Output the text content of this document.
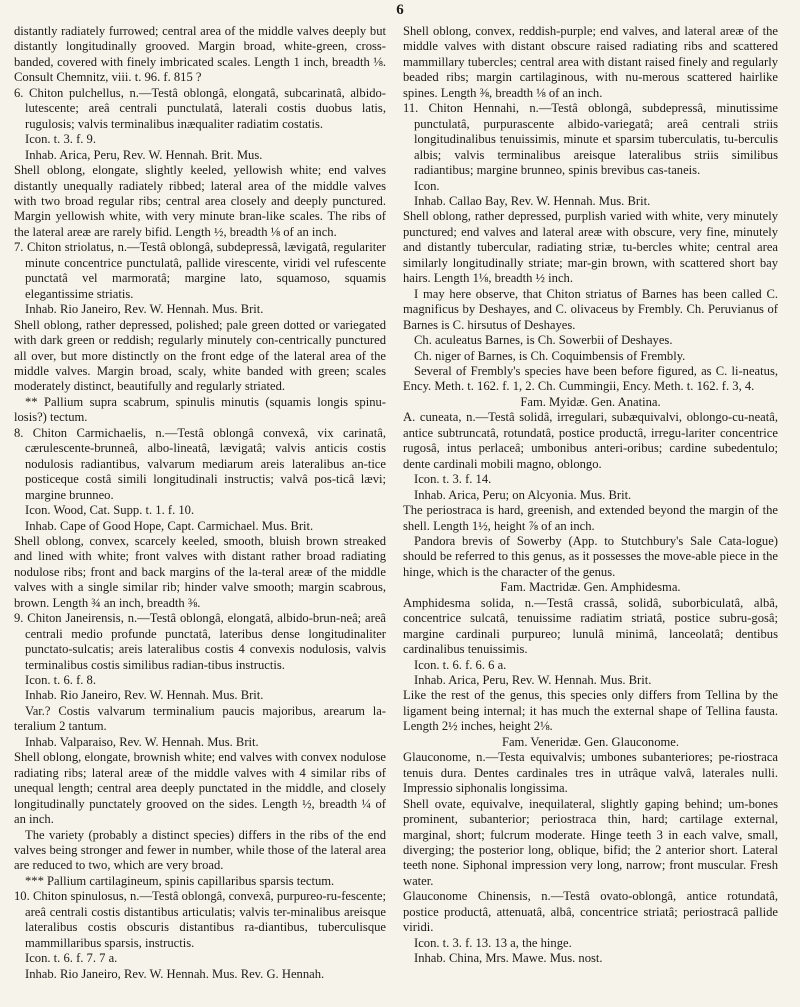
6

distantly radiately furrowed; central area of the middle valves deeply but distantly longitudinally grooved. Margin broad, white-green, cross-banded, covered with finely imbricated scales. Length 1 inch, breadth ⅛. Consult Chemnitz, viii. t. 96. f. 815 ?

6. Chiton pulchellus, n.—Testâ oblongâ, elongatâ, subcarinatâ, albido-lutescente; areâ centrali punctulatâ, laterali costis duobus latis, rugulosis; valvis terminalibus inæqualiter radiatim costatis.

Icon. t. 3. f. 9.

Inhab. Arica, Peru, Rev. W. Hennah. Brit. Mus.

Shell oblong, elongate, slightly keeled, yellowish white; end valves distantly unequally radiately ribbed; lateral area of the middle valves with two broad regular ribs; central area closely and deeply punctured. Margin yellowish white, with very minute bran-like scales. The ribs of the lateral areæ are rarely bifid. Length ½, breadth ⅛ of an inch.

7. Chiton striolatus, n.—Testâ oblongâ, subdepressâ, lævigatâ, regulariter minute concentrice punctulatâ, pallide virescente, viridi vel rufescente punctatâ vel marmoratâ; margine lato, squamoso, squamis elegantissime striatis.

Inhab. Rio Janeiro, Rev. W. Hennah. Mus. Brit.

Shell oblong, rather depressed, polished; pale green dotted or variegated with dark green or reddish; regularly minutely con-centrically punctured all over, but more distinctly on the front edge of the lateral area of the middle valves. Margin broad, scaly, white banded with green; scales moderately distinct, beautifully and regularly striated.

** Pallium supra scabrum, spinulis minutis (squamis longis spinu-losis?) tectum.

8. Chiton Carmichaelis, n.—Testâ oblongâ convexâ, vix carinatâ, cærulescente-brunneâ, albo-lineatâ, lævigatâ; valvis anticis costis nodulosis radiantibus, valvarum mediarum areis lateralibus an-tice posticeque costâ simili longitudinali instructis; valvâ pos-ticâ lævi; margine brunneo.

Icon. Wood, Cat. Supp. t. 1. f. 10.

Inhab. Cape of Good Hope, Capt. Carmichael. Mus. Brit.

Shell oblong, convex, scarcely keeled, smooth, bluish brown streaked and lined with white; front valves with distant rather broad radiating nodulose ribs; front and back margins of the la-teral areæ of the middle valves with a single similar rib; hinder valve smooth; margin scabrous, brown. Length ¾ an inch, breadth ⅜.

9. Chiton Janeirensis, n.—Testâ oblongâ, elongatâ, albido-brun-neâ; areâ centrali medio profunde punctatâ, lateribus dense longitudinaliter punctato-sulcatis; areis lateralibus costis 4 convexis nodulosis, valvis terminalibus costis similibus radian-tibus instructis.

Icon. t. 6. f. 8.

Inhab. Rio Janeiro, Rev. W. Hennah. Mus. Brit.

Var.? Costis valvarum terminalium paucis majoribus, arearum la-teralium 2 tantum.

Inhab. Valparaiso, Rev. W. Hennah. Mus. Brit.

Shell oblong, elongate, brownish white; end valves with convex nodulose radiating ribs; lateral areæ of the middle valves with 4 similar ribs of unequal length; central area deeply punctated in the middle, and closely longitudinally punctately grooved on the sides. Length ½, breadth ¼ of an inch.

The variety (probably a distinct species) differs in the ribs of the end valves being stronger and fewer in number, while those of the lateral area are reduced to two, which are very broad.

*** Pallium cartilagineum, spinis capillaribus sparsis tectum.

10. Chiton spinulosus, n.—Testâ oblongâ, convexâ, purpureo-ru-fescente; areâ centrali costis distantibus articulatis; valvis ter-minalibus areisque lateralibus costis obscuris distantibus ra-diantibus, tuberculisque mammillaribus sparsis, instructis.

Icon. t. 6. f. 7. 7 a.

Inhab. Rio Janeiro, Rev. W. Hennah. Mus. Rev. G. Hennah.

Shell oblong, convex, reddish-purple; end valves, and lateral areæ of the middle valves with distant obscure raised radiating ribs and scattered mammillary tubercles; central area with distant raised finely and regularly beaded ribs; margin cartilaginous, with nu-merous scattered hairlike spines. Length ⅜, breadth ⅛ of an inch.

11. Chiton Hennahi, n.—Testâ oblongâ, subdepressâ, minutissime punctulatâ, purpurascente albido-variegatâ; areâ centrali striis longitudinalibus tenuissimis, minute et sparsim tuberculatis, tu-berculis albis; valvis terminalibus areisque lateralibus striis similibus radiantibus; margine brunneo, spinis brevibus cas-taneis.

Icon.

Inhab. Callao Bay, Rev. W. Hennah. Mus. Brit.

Shell oblong, rather depressed, purplish varied with white, very minutely punctured; end valves and lateral areæ with obscure, very fine, minutely and distantly tubercular, radiating striæ, tu-bercles white; central area similarly longitudinally striate; mar-gin brown, with scattered short bay hairs. Length 1⅛, breadth ½ inch.

I may here observe, that Chiton striatus of Barnes has been called C. magnificus by Deshayes, and C. olivaceus by Frembly. Ch. Peruvianus of Barnes is C. hirsutus of Deshayes.

Ch. aculeatus Barnes, is Ch. Sowerbii of Deshayes.

Ch. niger of Barnes, is Ch. Coquimbensis of Frembly.

Several of Frembly's species have been before figured, as C. li-neatus, Ency. Meth. t. 162. f. 1, 2. Ch. Cummingii, Ency. Meth. t. 162. f. 3, 4.

Fam. Myidæ. Gen. Anatina.

A. cuneata, n.—Testâ solidâ, irregulari, subæquivalvi, oblongo-cu-neatâ, antice subtruncatâ, rotundatâ, postice productâ, irregu-lariter concentrice rugosâ, intus perlaceâ; umbonibus anteri-oribus; cardine subedentulo; dente cardinali mobili magno, oblongo.

Icon. t. 3. f. 14.

Inhab. Arica, Peru; on Alcyonia. Mus. Brit.

The periostraca is hard, greenish, and extended beyond the margin of the shell. Length 1½, height ⅞ of an inch.

Pandora brevis of Sowerby (App. to Stutchbury's Sale Cata-logue) should be referred to this genus, as it possesses the move-able piece in the hinge, which is the character of the genus.

Fam. Mactridæ. Gen. Amphidesma.

Amphidesma solida, n.—Testâ crassâ, solidâ, suborbiculatâ, albâ, concentrice sulcatâ, tenuissime radiatim striatâ, postice subru-gosâ; margine cardinali purpureo; lunulâ minimâ, lanceolatâ; dentibus cardinalibus tenuissimis.

Icon. t. 6. f. 6. 6 a.

Inhab. Arica, Peru, Rev. W. Hennah. Mus. Brit.

Like the rest of the genus, this species only differs from Tellina by the ligament being internal; it has much the external shape of Tellina fausta. Length 2½ inches, height 2⅛.

Fam. Veneridæ. Gen. Glauconome.

Glauconome, n.—Testa equivalvis; umbones subanteriores; pe-riostraca tenuis dura. Dentes cardinales tres in utrâque valvâ, laterales nulli. Impressio siphonalis longissima.

Shell ovate, equivalve, inequilateral, slightly gaping behind; um-bones prominent, subanterior; periostraca thin, hard; cartilage external, marginal, short; fulcrum moderate. Hinge teeth 3 in each valve, small, diverging; the posterior long, oblique, bifid; the 2 anterior short. Lateral teeth none. Siphonal impression very long, narrow; front muscular. Fresh water.

Glauconome Chinensis, n.—Testâ ovato-oblongâ, antice rotundatâ, postice productâ, attenuatâ, albâ, concentrice striatâ; periostracâ pallide viridi.

Icon. t. 3. f. 13. 13 a, the hinge.

Inhab. China, Mrs. Mawe. Mus. nost.
